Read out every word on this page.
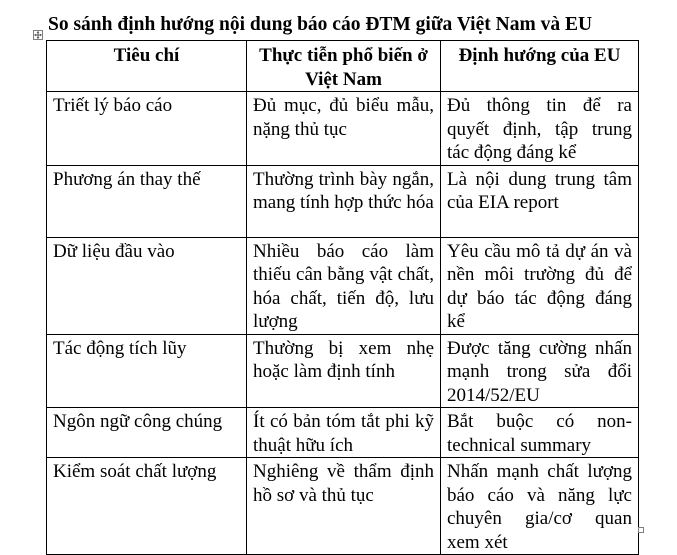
So sánh định hướng nội dung báo cáo ĐTM giữa Việt Nam và EU
Tiêu chí	Thực tiễn phổ biến ở Việt Nam	Định hướng của EU
Triết lý báo cáo	Đủ mục, đủ biểu mẫu, nặng thủ tục	Đủ thông tin để ra quyết định, tập trung tác động đáng kể
Phương án thay thế	Thường trình bày ngắn, mang tính hợp thức hóa	Là nội dung trung tâm của EIA report
Dữ liệu đầu vào	Nhiều báo cáo làm thiếu cân bằng vật chất, hóa chất, tiến độ, lưu lượng	Yêu cầu mô tả dự án và nền môi trường đủ để dự báo tác động đáng kể
Tác động tích lũy	Thường bị xem nhẹ hoặc làm định tính	Được tăng cường nhấn mạnh trong sửa đổi 2014/52/EU
Ngôn ngữ công chúng	Ít có bản tóm tắt phi kỹ thuật hữu ích	Bắt buộc có non-technical summary
Kiểm soát chất lượng	Nghiêng về thẩm định hồ sơ và thủ tục	Nhấn mạnh chất lượng báo cáo và năng lực chuyên gia/cơ quan xem xét
